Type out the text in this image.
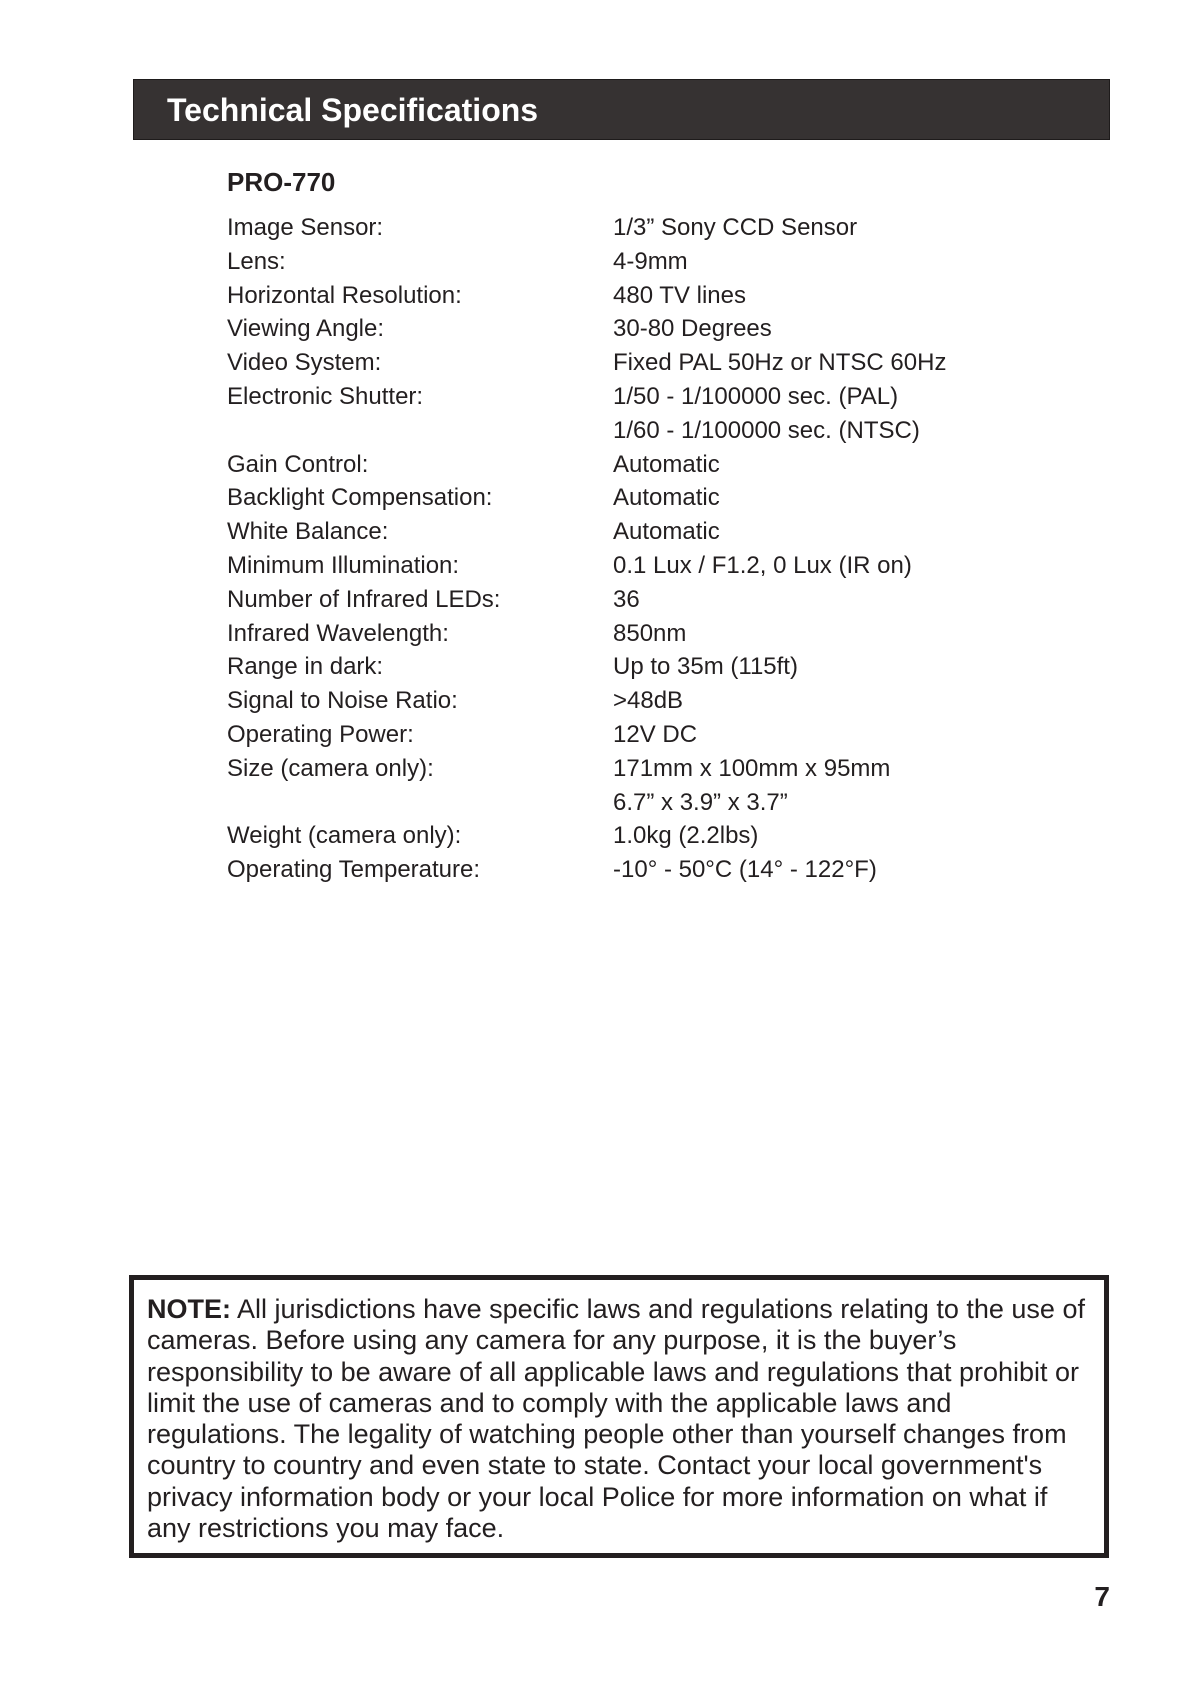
Technical Specifications
PRO-770
Image Sensor:	1/3” Sony CCD Sensor
Lens:	4-9mm
Horizontal Resolution:	480 TV lines
Viewing Angle:	30-80 Degrees
Video System:	Fixed PAL 50Hz or NTSC 60Hz
Electronic Shutter:	1/50 - 1/100000 sec. (PAL)
1/60 - 1/100000 sec. (NTSC)
Gain Control:	Automatic
Backlight Compensation:	Automatic
White Balance:	Automatic
Minimum Illumination:	0.1 Lux / F1.2, 0 Lux (IR on)
Number of Infrared LEDs:	36
Infrared Wavelength:	850nm
Range in dark:	Up to 35m (115ft)
Signal to Noise Ratio:	>48dB
Operating Power:	12V DC
Size (camera only):	171mm x 100mm x 95mm
6.7” x 3.9” x 3.7”
Weight (camera only):	1.0kg (2.2lbs)
Operating Temperature:	-10° - 50°C (14° - 122°F)
NOTE: All jurisdictions have specific laws and regulations relating to the use of cameras. Before using any camera for any purpose, it is the buyer’s responsibility to be aware of all applicable laws and regulations that prohibit or limit the use of cameras and to comply with the applicable laws and regulations. The legality of watching people other than yourself changes from country to country and even state to state. Contact your local government's privacy information body or your local Police for more information on what if any restrictions you may face.
7
